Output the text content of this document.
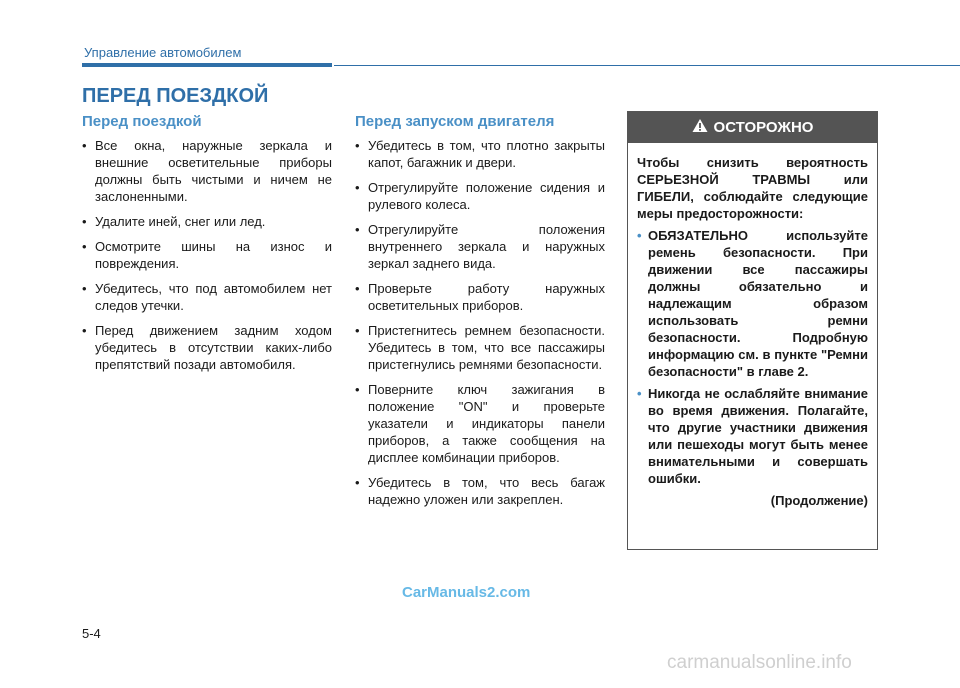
Управление автомобилем
ПЕРЕД ПОЕЗДКОЙ
Перед поездкой
• Все окна, наружные зеркала и внешние осветительные приборы должны быть чистыми и ничем не заслоненными.
• Удалите иней, снег или лед.
• Осмотрите шины на износ и повреждения.
• Убедитесь, что под автомобилем нет следов утечки.
• Перед движением задним ходом убедитесь в отсутствии каких-либо препятствий позади автомобиля.
Перед запуском двигателя
• Убедитесь в том, что плотно закрыты капот, багажник и двери.
• Отрегулируйте положение сидения и рулевого колеса.
• Отрегулируйте положения внутреннего зеркала и наружных зеркал заднего вида.
• Проверьте работу наружных осветительных приборов.
• Пристегнитесь ремнем безопасности. Убедитесь в том, что все пассажиры пристегнулись ремнями безопасности.
• Поверните ключ зажигания в положение "ON" и проверьте указатели и индикаторы панели приборов, а также сообщения на дисплее комбинации приборов.
• Убедитесь в том, что весь багаж надежно уложен или закреплен.
ОСТОРОЖНО

Чтобы снизить вероятность СЕРЬЕЗНОЙ ТРАВМЫ или ГИБЕЛИ, соблюдайте следующие меры предосторожности:

• ОБЯЗАТЕЛЬНО используйте ремень безопасности. При движении все пассажиры должны обязательно и надлежащим образом использовать ремни безопасности. Подробную информацию см. в пункте "Ремни безопасности" в главе 2.
• Никогда не ослабляйте внимание во время движения. Полагайте, что другие участники движения или пешеходы могут быть менее внимательными и совершать ошибки.
(Продолжение)
CarManuals2.com
5-4
carmanualsonline.info
